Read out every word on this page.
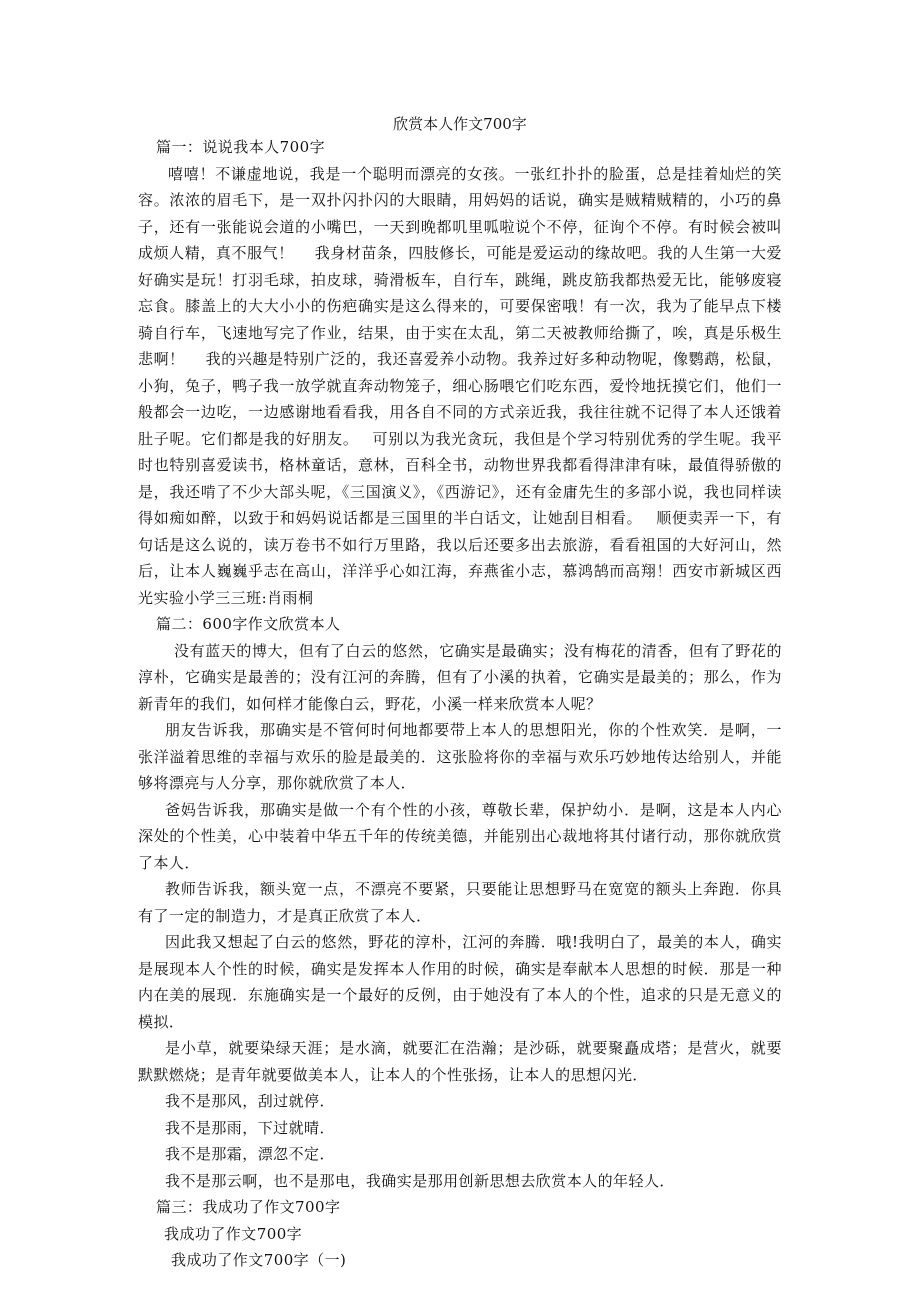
欣赏本人作文700字

篇一：说说我本人700字

嘻嘻！不谦虚地说，我是一个聪明而漂亮的女孩。一张红扑扑的脸蛋，总是挂着灿烂的笑容。浓浓的眉毛下，是一双扑闪扑闪的大眼睛，用妈妈的话说，确实是贼精贼精的，小巧的鼻子，还有一张能说会道的小嘴巴，一天到晚都叽里呱啦说个不停，征询个不停。有时候会被叫成烦人精，真不服气！　 我身材苗条，四肢修长，可能是爱运动的缘故吧。我的人生第一大爱好确实是玩！打羽毛球，拍皮球，骑滑板车，自行车，跳绳，跳皮筋我都热爱无比，能够废寝忘食。膝盖上的大大小小的伤疤确实是这么得来的，可要保密哦！有一次，我为了能早点下楼骑自行车，飞速地写完了作业，结果，由于实在太乱，第二天被教师给撕了，唉，真是乐极生悲啊！　 我的兴趣是特别广泛的，我还喜爱养小动物。我养过好多种动物呢，像鹦鹉，松鼠，小狗，兔子，鸭子我一放学就直奔动物笼子，细心肠喂它们吃东西，爱怜地抚摸它们，他们一般都会一边吃，一边感谢地看看我，用各自不同的方式亲近我，我往往就不记得了本人还饿着肚子呢。它们都是我的好朋友。　 可别以为我光贪玩，我但是个学习特别优秀的学生呢。我平时也特别喜爱读书，格林童话，意林，百科全书，动物世界我都看得津津有味，最值得骄傲的是，我还啃了不少大部头呢，《三国演义》，《西游记》，还有金庸先生的多部小说，我也同样读得如痴如醉，以致于和妈妈说话都是三国里的半白话文，让她刮目相看。　 顺便卖弄一下，有句话是这么说的，读万卷书不如行万里路，我以后还要多出去旅游，看看祖国的大好河山，然后，让本人巍巍乎志在高山，洋洋乎心如江海，弃燕雀小志，慕鸿鹄而高翔！西安市新城区西光实验小学三三班:肖雨桐

篇二：600字作文欣赏本人

没有蓝天的博大，但有了白云的悠然，它确实是最确实；没有梅花的清香，但有了野花的淳朴，它确实是最善的；没有江河的奔腾，但有了小溪的执着，它确实是最美的；那么，作为新青年的我们，如何样才能像白云，野花，小溪一样来欣赏本人呢？

朋友告诉我，那确实是不管何时何地都要带上本人的思想阳光，你的个性欢笑．是啊，一张洋溢着思维的幸福与欢乐的脸是最美的．这张脸将你的幸福与欢乐巧妙地传达给别人，并能够将漂亮与人分享，那你就欣赏了本人．

爸妈告诉我，那确实是做一个有个性的小孩，尊敬长辈，保护幼小．是啊，这是本人内心深处的个性美，心中装着中华五千年的传统美德，并能别出心裁地将其付诸行动，那你就欣赏了本人．

教师告诉我，额头宽一点，不漂亮不要紧，只要能让思想野马在宽宽的额头上奔跑．你具有了一定的制造力，才是真正欣赏了本人．

因此我又想起了白云的悠然，野花的淳朴，江河的奔腾．哦!我明白了，最美的本人，确实是展现本人个性的时候，确实是发挥本人作用的时候，确实是奉献本人思想的时候．那是一种内在美的展现．东施确实是一个最好的反例，由于她没有了本人的个性，追求的只是无意义的模拟．

是小草，就要染绿天涯；是水滴，就要汇在浩瀚；是沙砾，就要聚矗成塔；是营火，就要默默燃烧；是青年就要做美本人，让本人的个性张扬，让本人的思想闪光．

我不是那风，刮过就停．

我不是那雨，下过就晴．

我不是那霜，漂忽不定．

我不是那云啊，也不是那电，我确实是那用创新思想去欣赏本人的年轻人．

篇三：我成功了作文700字

我成功了作文700字

我成功了作文700字（一)
